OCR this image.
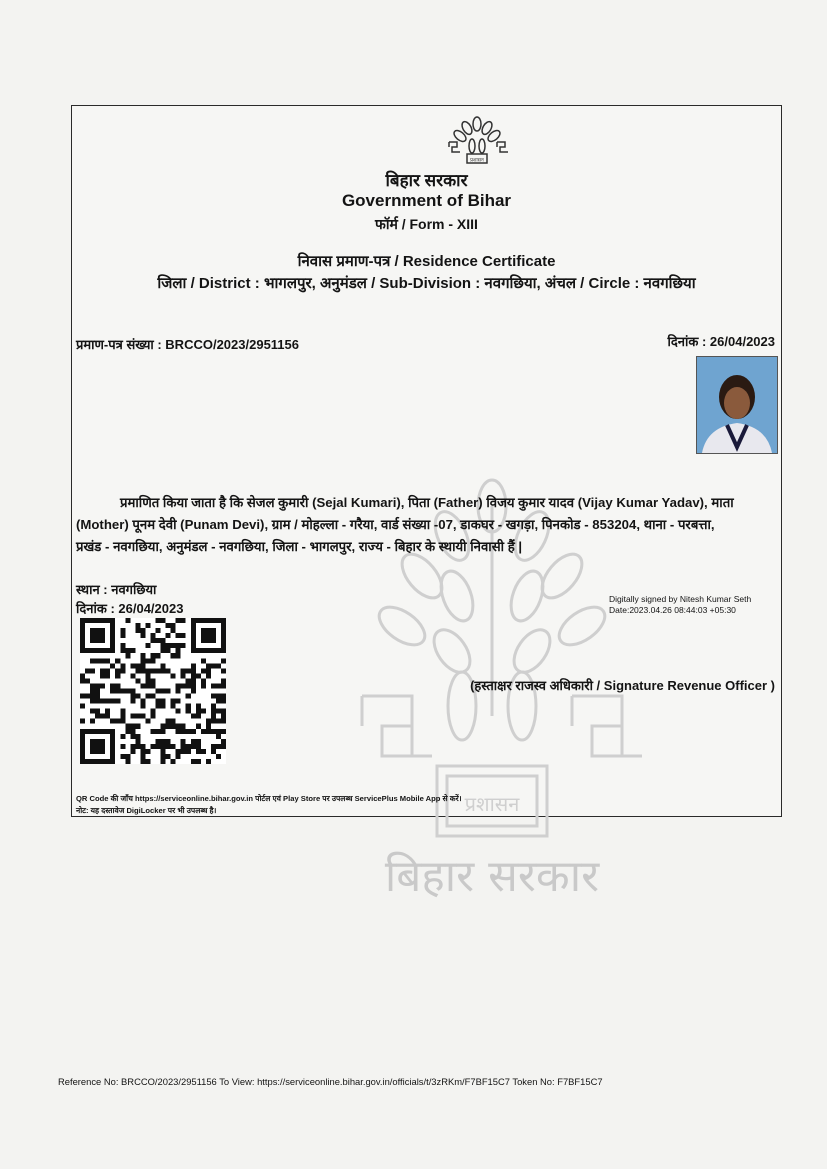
प्रशासन
बिहार सरकार
प्रशासन
बिहार सरकार
Government of Bihar
फॉर्म / Form - XIII
निवास प्रमाण-पत्र / Residence Certificate
जिला / District : भागलपुर, अनुमंडल / Sub-Division : नवगछिया, अंचल / Circle : नवगछिया
प्रमाण-पत्र संख्या : BRCCO/2023/2951156	दिनांक : 26/04/2023
प्रमाणित किया जाता है कि सेजल कुमारी (Sejal Kumari), पिता (Father) विजय कुमार यादव (Vijay Kumar Yadav), माता
(Mother) पूनम देवी (Punam Devi), ग्राम / मोहल्ला - गरैया, वार्ड संख्या -07, डाकघर - खगड़ा, पिनकोड - 853204, थाना - परबत्ता,
प्रखंड - नवगछिया, अनुमंडल - नवगछिया, जिला - भागलपुर, राज्य - बिहार के स्थायी निवासी हैं |
स्थान : नवगछिया
दिनांक : 26/04/2023
Digitally signed by Nitesh Kumar Seth
Date:2023.04.26 08:44:03 +05:30
(हस्ताक्षर राजस्व अधिकारी / Signature Revenue Officer )
QR Code की जाँच https://serviceonline.bihar.gov.in पोर्टल एवं Play Store पर उपलब्ध ServicePlus Mobile App से करें।
नोट: यह दस्तावेज DigiLocker पर भी उपलब्ध है।
Reference No: BRCCO/2023/2951156 To View: https://serviceonline.bihar.gov.in/officials/t/3zRKm/F7BF15C7 Token No: F7BF15C7
